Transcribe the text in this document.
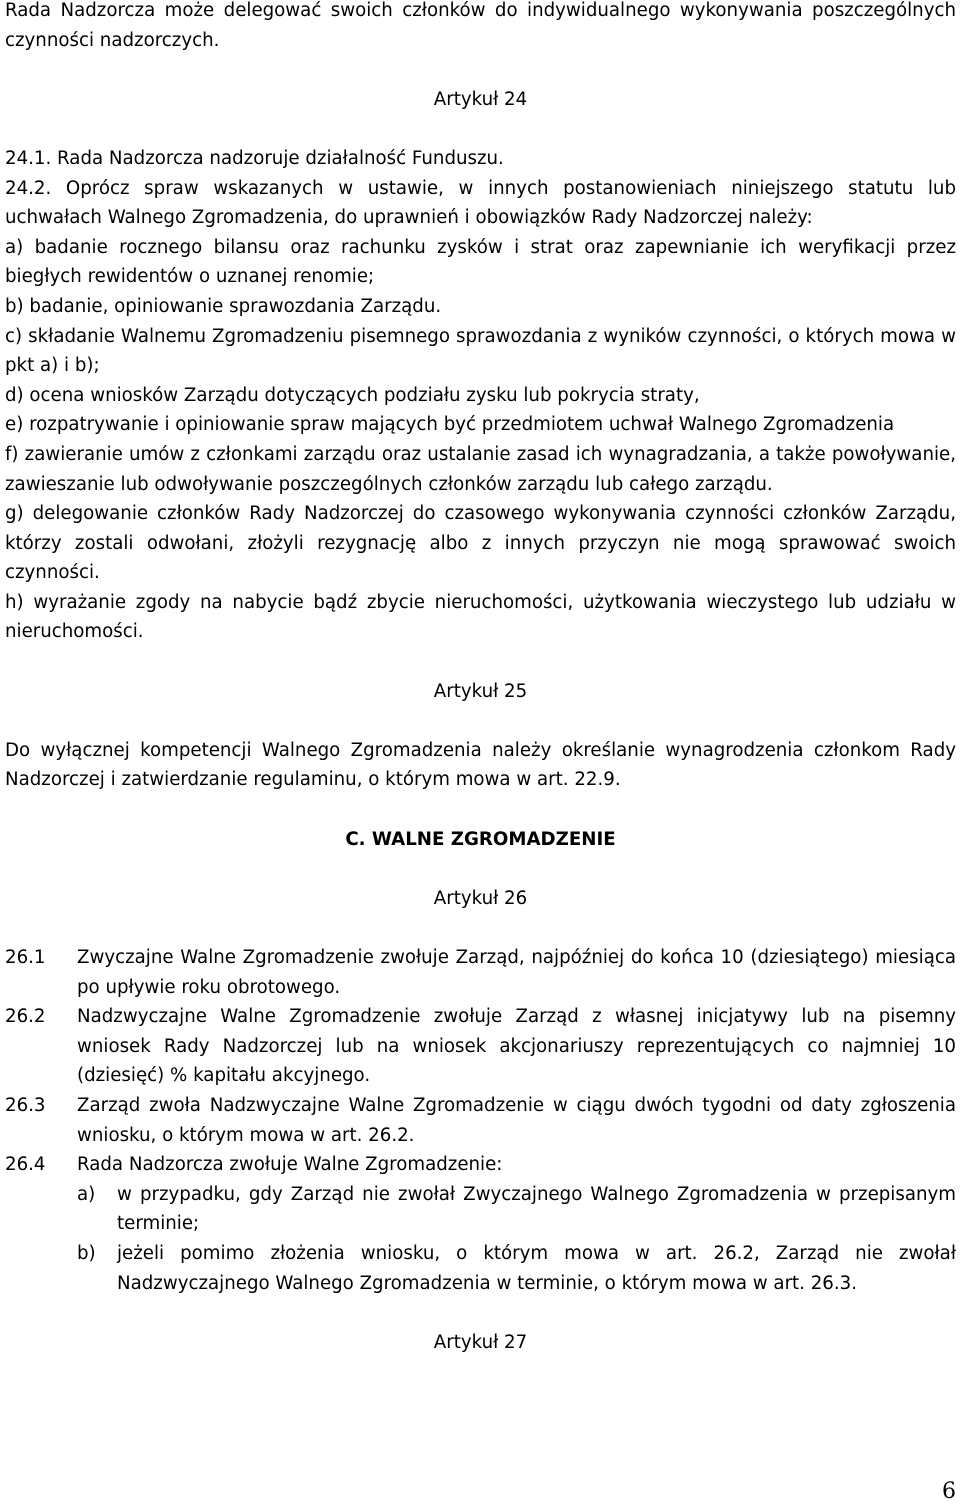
Rada Nadzorcza może delegować swoich członków do indywidualnego wykonywania poszczególnych czynności nadzorczych.

Artykuł 24

24.1. Rada Nadzorcza nadzoruje działalność Funduszu.

24.2. Oprócz spraw wskazanych w ustawie, w innych postanowieniach niniejszego statutu lub uchwałach Walnego Zgromadzenia, do uprawnień i obowiązków Rady Nadzorczej należy:

a) badanie rocznego bilansu oraz rachunku zysków i strat oraz zapewnianie ich weryfikacji przez biegłych rewidentów o uznanej renomie;

b) badanie, opiniowanie sprawozdania Zarządu.

c) składanie Walnemu Zgromadzeniu pisemnego sprawozdania z wyników czynności, o których mowa w pkt a) i b);

d) ocena wniosków Zarządu dotyczących podziału zysku lub pokrycia straty,

e) rozpatrywanie i opiniowanie spraw mających być przedmiotem uchwał Walnego Zgromadzenia

f) zawieranie umów z członkami zarządu oraz ustalanie zasad ich wynagradzania, a także powoływanie, zawieszanie lub odwoływanie poszczególnych członków zarządu lub całego zarządu.

g) delegowanie członków Rady Nadzorczej do czasowego wykonywania czynności członków Zarządu, którzy zostali odwołani, złożyli rezygnację albo z innych przyczyn nie mogą sprawować swoich czynności.

h) wyrażanie zgody na nabycie bądź zbycie nieruchomości, użytkowania wieczystego lub udziału w nieruchomości.

Artykuł 25

Do wyłącznej kompetencji Walnego Zgromadzenia należy określanie wynagrodzenia członkom Rady Nadzorczej i zatwierdzanie regulaminu, o którym mowa w art. 22.9.

C. WALNE ZGROMADZENIE

Artykuł 26

26.1	Zwyczajne Walne Zgromadzenie zwołuje Zarząd, najpóźniej do końca 10 (dziesiątego) miesiąca po upływie roku obrotowego.
26.2	Nadzwyczajne Walne Zgromadzenie zwołuje Zarząd z własnej inicjatywy lub na pisemny wniosek Rady Nadzorczej lub na wniosek akcjonariuszy reprezentujących co najmniej 10 (dziesięć) % kapitału akcyjnego.
26.3	Zarząd zwoła Nadzwyczajne Walne Zgromadzenie w ciągu dwóch tygodni od daty zgłoszenia wniosku, o którym mowa w art. 26.2.
26.4	Rada Nadzorcza zwołuje Walne Zgromadzenie:
a)	w przypadku, gdy Zarząd nie zwołał Zwyczajnego Walnego Zgromadzenia w przepisanym terminie;
b)	jeżeli pomimo złożenia wniosku, o którym mowa w art. 26.2, Zarząd nie zwołał Nadzwyczajnego Walnego Zgromadzenia w terminie, o którym mowa w art. 26.3.

Artykuł 27

6
